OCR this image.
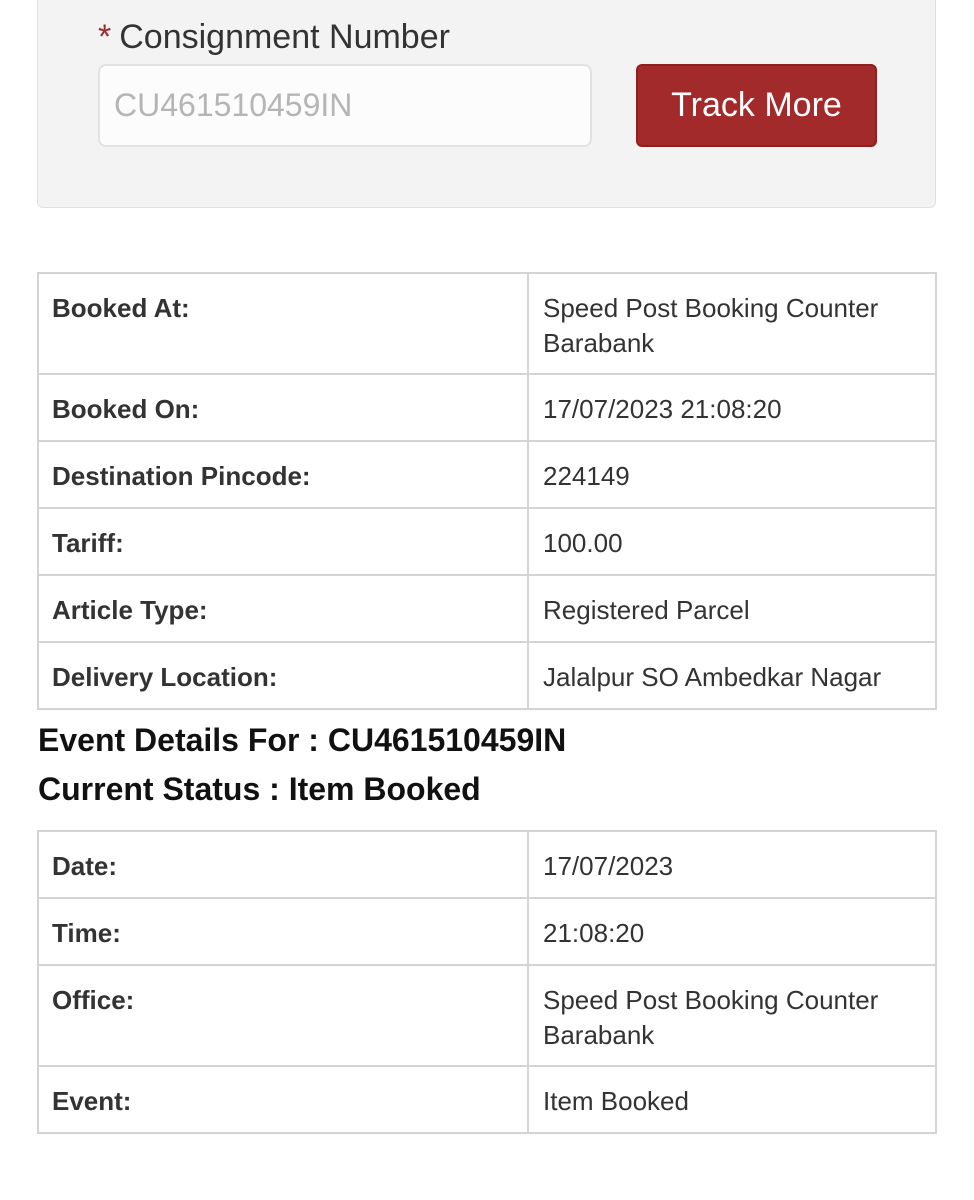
* Consignment Number
CU461510459IN
Track More
Booked At:	Speed Post Booking Counter
Barabank
Booked On:	17/07/2023 21:08:20
Destination Pincode:	224149
Tariff:	100.00
Article Type:	Registered Parcel
Delivery Location:	Jalalpur SO Ambedkar Nagar
Event Details For : CU461510459IN
Current Status : Item Booked
Date:	17/07/2023
Time:	21:08:20
Office:	Speed Post Booking Counter
Barabank
Event:	Item Booked
